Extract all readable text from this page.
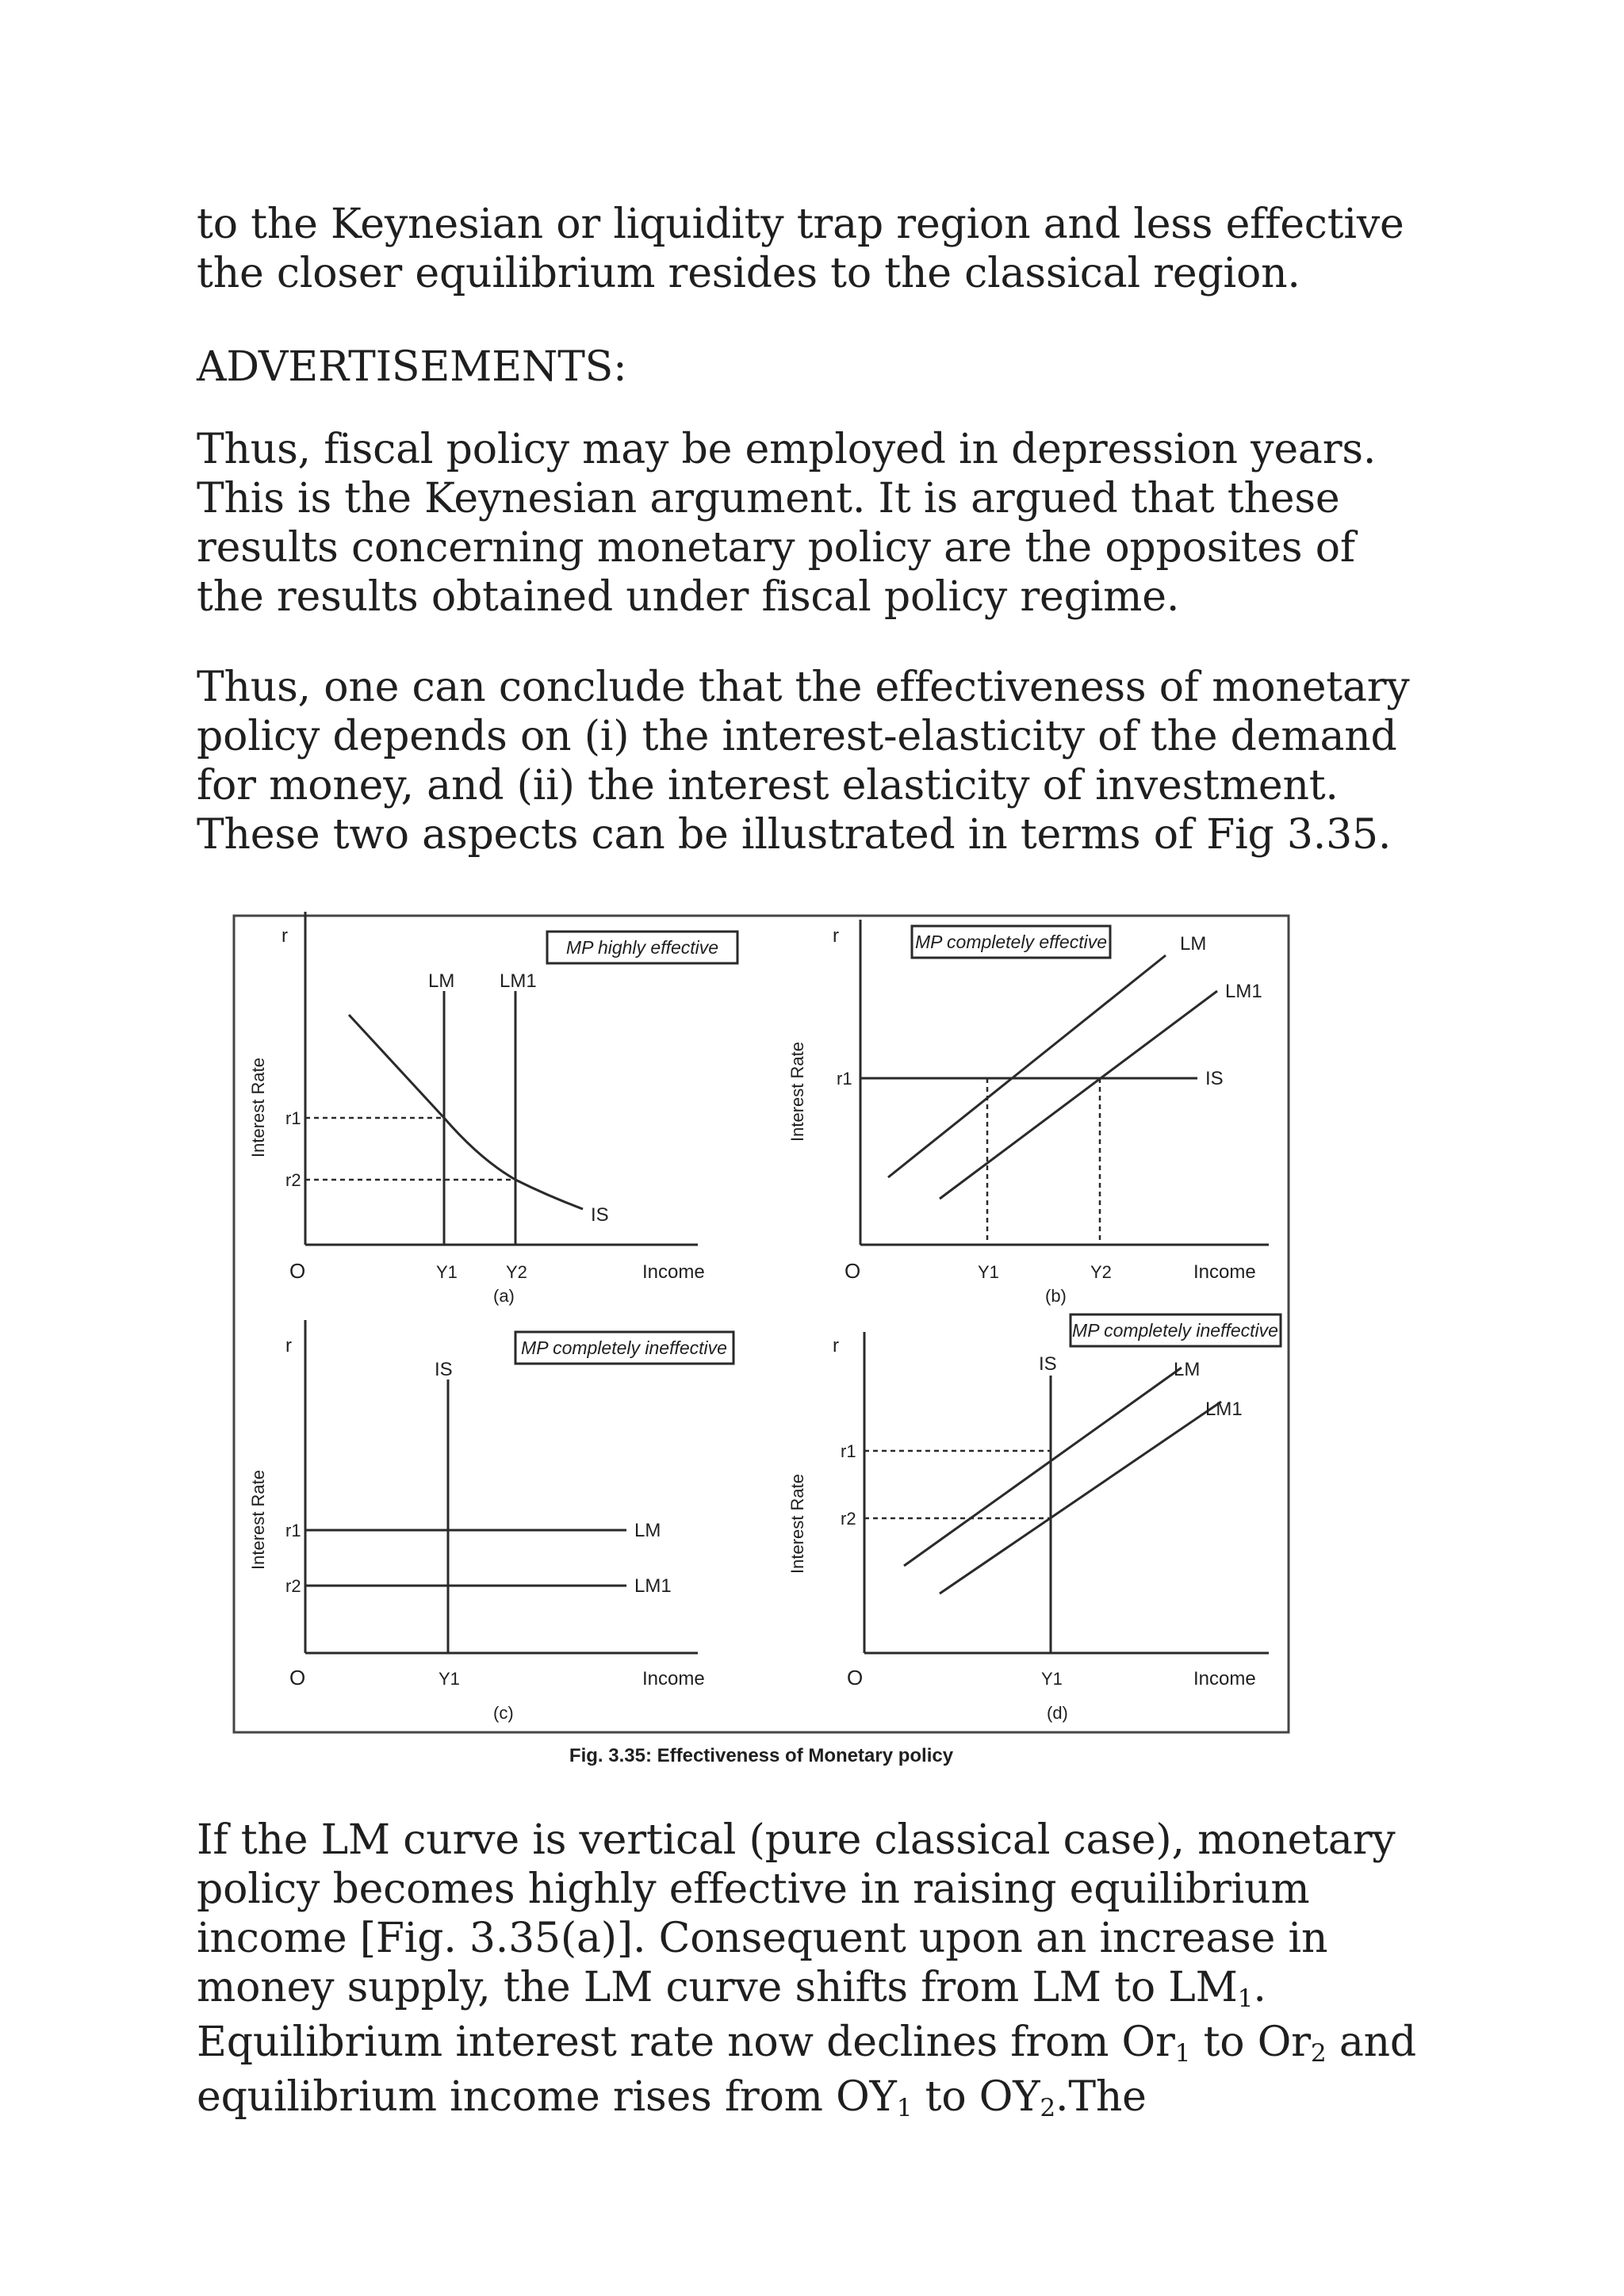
to the Keynesian or liquidity trap region and less effective the closer equilibrium resides to the classical region.

ADVERTISEMENTS:

Thus, fiscal policy may be employed in depression years. This is the Keynesian argument. It is argued that these results concerning monetary policy are the opposites of the results obtained under fiscal policy regime.

Thus, one can conclude that the effectiveness of monetary policy depends on (i) the interest-elasticity of the demand for money, and (ii) the interest elasticity of investment. These two aspects can be illustrated in terms of Fig 3.35.

MP highly effective
r
LM LM1
IS
r1
r2
O	Y1	Y2	Income
(a)
Interest Rate
MP completely effective
r	LM
LM1
IS
r1
O	Y1	Y2	Income
(b)
Interest Rate
MP completely ineffective
r
IS
LM
LM1
r1
r2
O	Y1	Income
(c)
Interest Rate
MP completely ineffective
r
IS	LM
LM1
r1
r2
O	Y1	Income
(d)
Interest Rate
Fig. 3.35: Effectiveness of Monetary policy

If the LM curve is vertical (pure classical case), monetary policy becomes highly effective in raising equilibrium income [Fig. 3.35(a)]. Consequent upon an increase in money supply, the LM curve shifts from LM to $LM_1$. Equilibrium interest rate now declines from $Or_1$ to $Or_2$ and equilibrium income rises from $OY_1$ to $OY_2.The$
